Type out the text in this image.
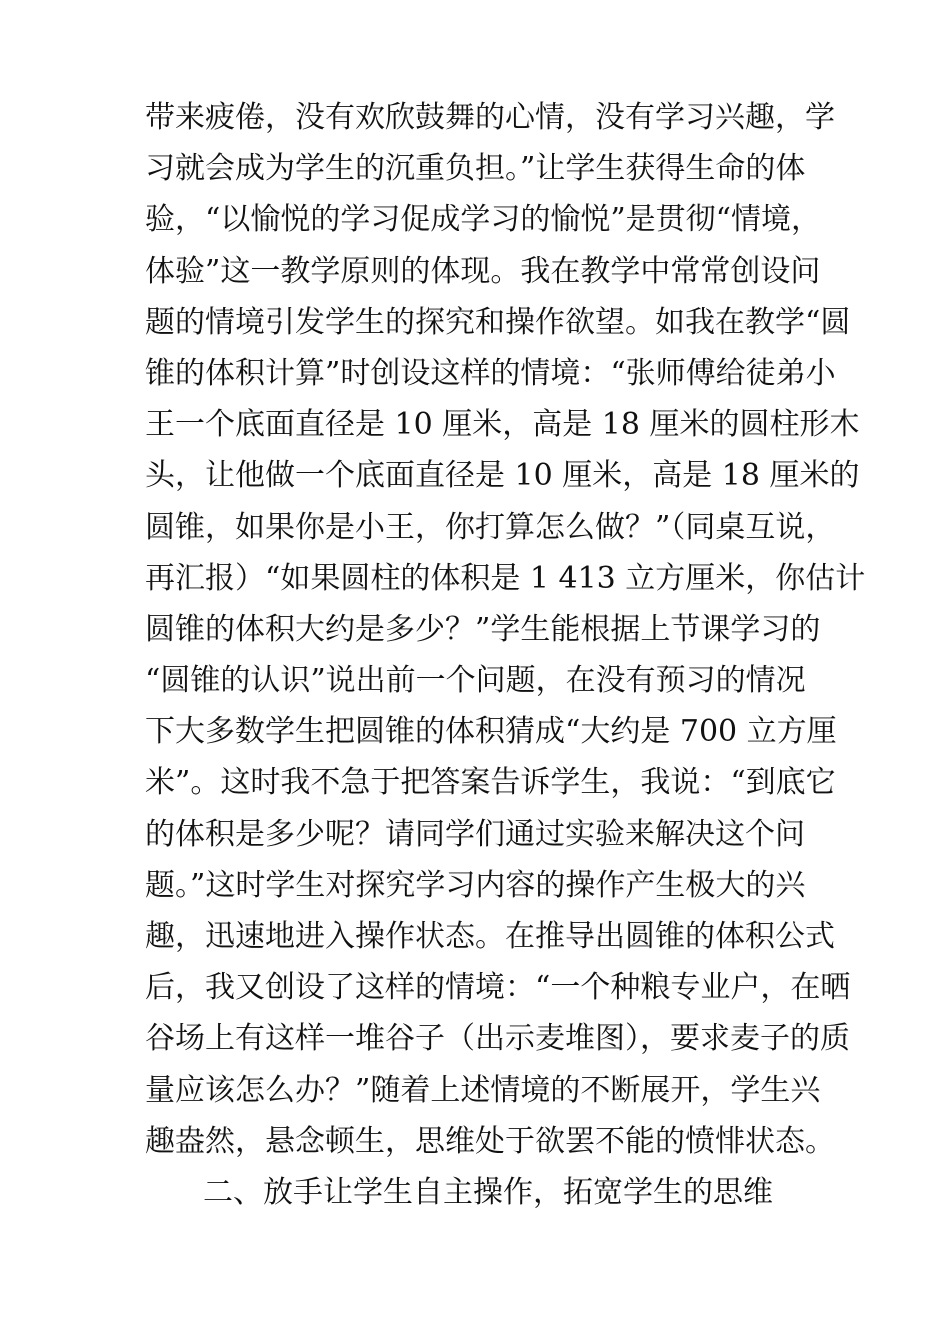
带来疲倦，没有欢欣鼓舞的心情，没有学习兴趣，学
习就会成为学生的沉重负担。”让学生获得生命的体
验，“以愉悦的学习促成学习的愉悦”是贯彻“情境，
体验”这一教学原则的体现。我在教学中常常创设问
题的情境引发学生的探究和操作欲望。如我在教学“圆
锥的体积计算”时创设这样的情境：“张师傅给徒弟小
王一个底面直径是 10 厘米，高是 18 厘米的圆柱形木
头，让他做一个底面直径是 10 厘米，高是 18 厘米的
圆锥，如果你是小王，你打算怎么做？”（同桌互说，
再汇报）“如果圆柱的体积是 1 413 立方厘米，你估计
圆锥的体积大约是多少？”学生能根据上节课学习的
“圆锥的认识”说出前一个问题，在没有预习的情况
下大多数学生把圆锥的体积猜成“大约是 700 立方厘
米”。这时我不急于把答案告诉学生，我说：“到底它
的体积是多少呢？请同学们通过实验来解决这个问
题。”这时学生对探究学习内容的操作产生极大的兴
趣，迅速地进入操作状态。在推导出圆锥的体积公式
后，我又创设了这样的情境：“一个种粮专业户，在晒
谷场上有这样一堆谷子（出示麦堆图），要求麦子的质
量应该怎么办？”随着上述情境的不断展开，学生兴
趣盎然，悬念顿生，思维处于欲罢不能的愤悱状态。
二、放手让学生自主操作，拓宽学生的思维
